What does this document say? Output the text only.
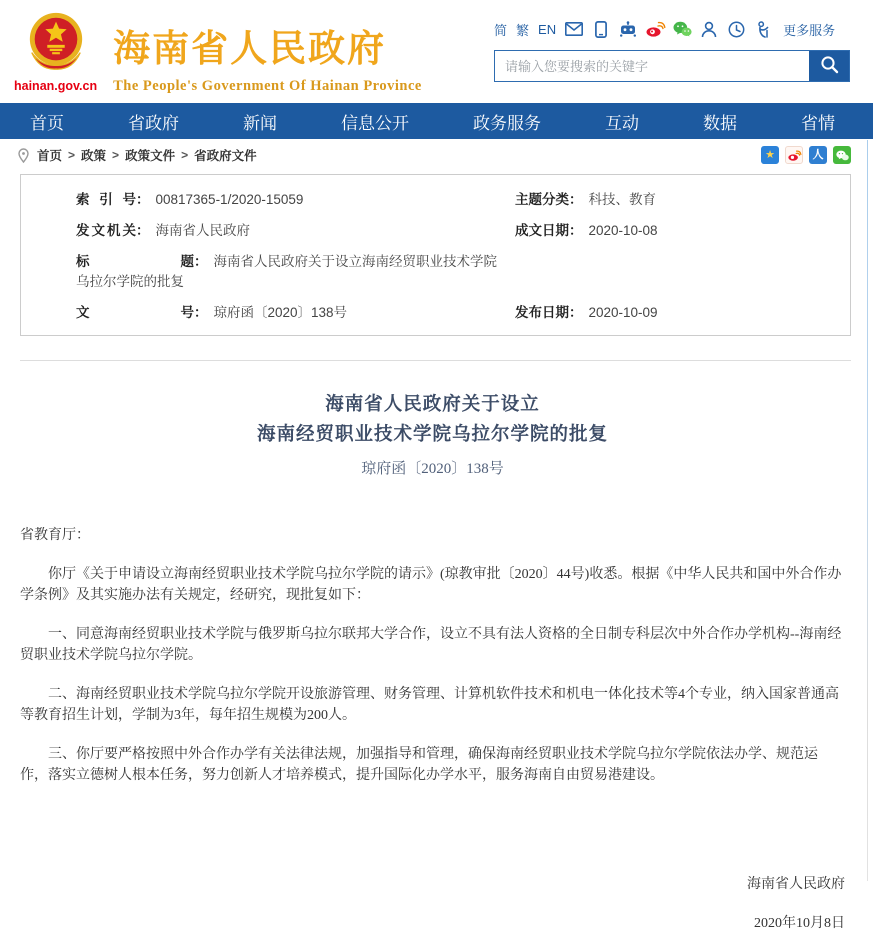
hainan.gov.cn
海南省人民政府
The People's Government Of Hainan Province
简 繁 EN	更多服务
请输入您要搜索的关键字
首页	省政府	新闻	信息公开	政务服务	互动	数据	省情
首页 > 政策 > 政策文件 > 省政府文件	★	人
索引号： 00817365-1/2020-15059	主题分类： 科技、教育
发文机关： 海南省人民政府	成文日期： 2020-10-08
标题： 海南省人民政府关于设立海南经贸职业技术学院乌拉尔学院的批复
文号： 琼府函〔2020〕138号	发布日期： 2020-10-09
海南省人民政府关于设立
海南经贸职业技术学院乌拉尔学院的批复
琼府函〔2020〕138号

省教育厅：

你厅《关于申请设立海南经贸职业技术学院乌拉尔学院的请示》(琼教审批〔2020〕44号)收悉。根据《中华人民共和国中外合作办学条例》及其实施办法有关规定，经研究，现批复如下：

一、同意海南经贸职业技术学院与俄罗斯乌拉尔联邦大学合作，设立不具有法人资格的全日制专科层次中外合作办学机构--海南经贸职业技术学院乌拉尔学院。

二、海南经贸职业技术学院乌拉尔学院开设旅游管理、财务管理、计算机软件技术和机电一体化技术等4个专业，纳入国家普通高等教育招生计划，学制为3年，每年招生规模为200人。

三、你厅要严格按照中外合作办学有关法律法规，加强指导和管理，确保海南经贸职业技术学院乌拉尔学院依法办学、规范运作，落实立德树人根本任务，努力创新人才培养模式，提升国际化办学水平，服务海南自由贸易港建设。

海南省人民政府
2020年10月8日
